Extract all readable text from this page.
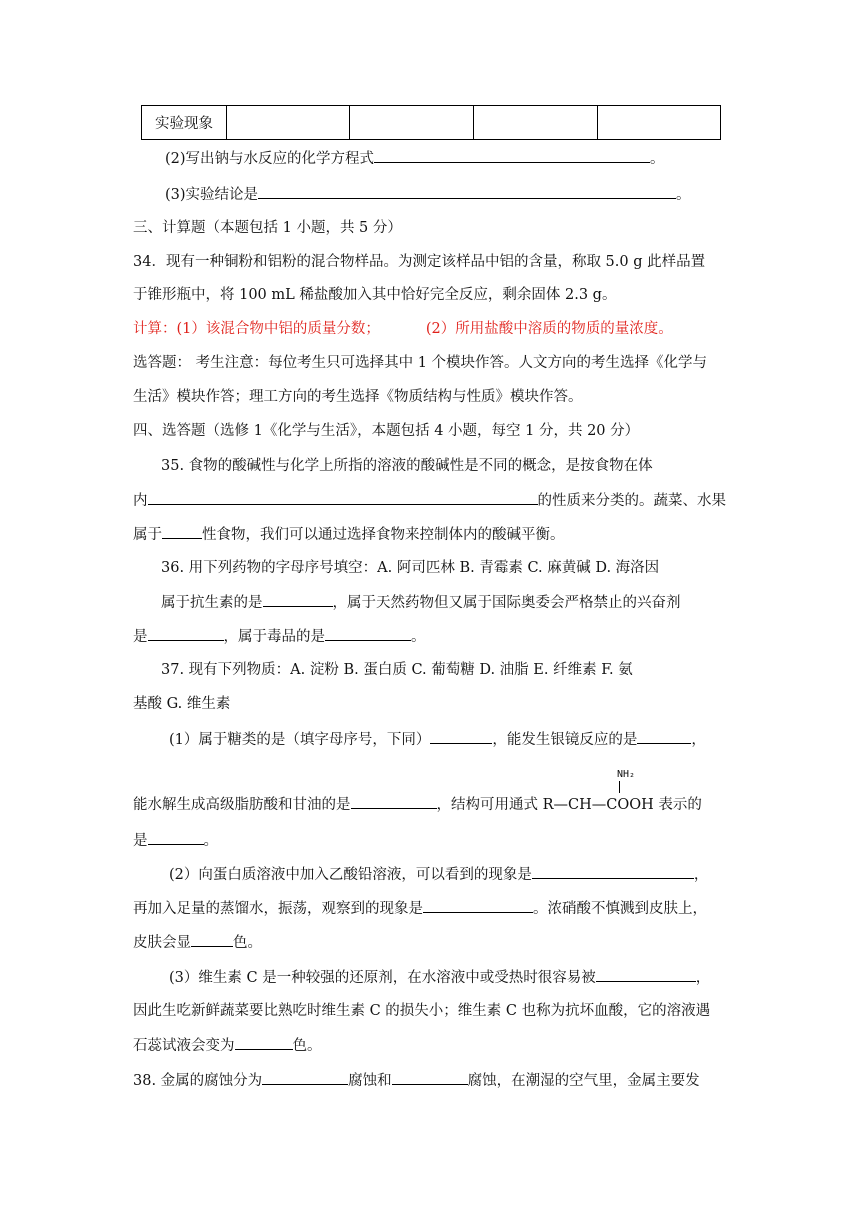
实验现象				
(2)写出钠与水反应的化学方程式	。
(3)实验结论是	。
三、计算题（本题包括 1 小题，共 5 分）
34．现有一种铜粉和铝粉的混合物样品。为测定该样品中铝的含量，称取 5.0 g 此样品置
于锥形瓶中，将 100 mL 稀盐酸加入其中恰好完全反应，剩余固体 2.3 g。
计算：(1）该混合物中铝的质量分数；	(2）所用盐酸中溶质的物质的量浓度。
选答题： 考生注意：每位考生只可选择其中 1 个模块作答。人文方向的考生选择《化学与
生活》模块作答；理工方向的考生选择《物质结构与性质》模块作答。
四、选答题（选修 1《化学与生活》，本题包括 4 小题，每空 1 分，共 20 分）
35. 食物的酸碱性与化学上所指的溶液的酸碱性是不同的概念，是按食物在体
内	的性质来分类的。蔬菜、水果
属于	性食物，我们可以通过选择食物来控制体内的酸碱平衡。
36. 用下列药物的字母序号填空：A. 阿司匹林 B. 青霉素 C. 麻黄碱 D. 海洛因
属于抗生素的是	，属于天然药物但又属于国际奥委会严格禁止的兴奋剂
是	，属于毒品的是	。
37. 现有下列物质：A. 淀粉 B. 蛋白质 C. 葡萄糖 D. 油脂 E. 纤维素 F. 氨
基酸 G. 维生素
(1）属于糖类的是（填字母序号，下同）	，能发生银镜反应的是	，
NH₂
能水解生成高级脂肪酸和甘油的是	，结构可用通式 R—CH—COOH 表示的
是	。
(2）向蛋白质溶液中加入乙酸铅溶液，可以看到的现象是	，
再加入足量的蒸馏水，振荡，观察到的现象是	。浓硝酸不慎溅到皮肤上，
皮肤会显	色。
(3）维生素 C 是一种较强的还原剂，在水溶液中或受热时很容易被	，
因此生吃新鲜蔬菜要比熟吃时维生素 C 的损失小；维生素 C 也称为抗坏血酸，它的溶液遇
石蕊试液会变为	色。
38. 金属的腐蚀分为	腐蚀和	腐蚀，在潮湿的空气里，金属主要发
